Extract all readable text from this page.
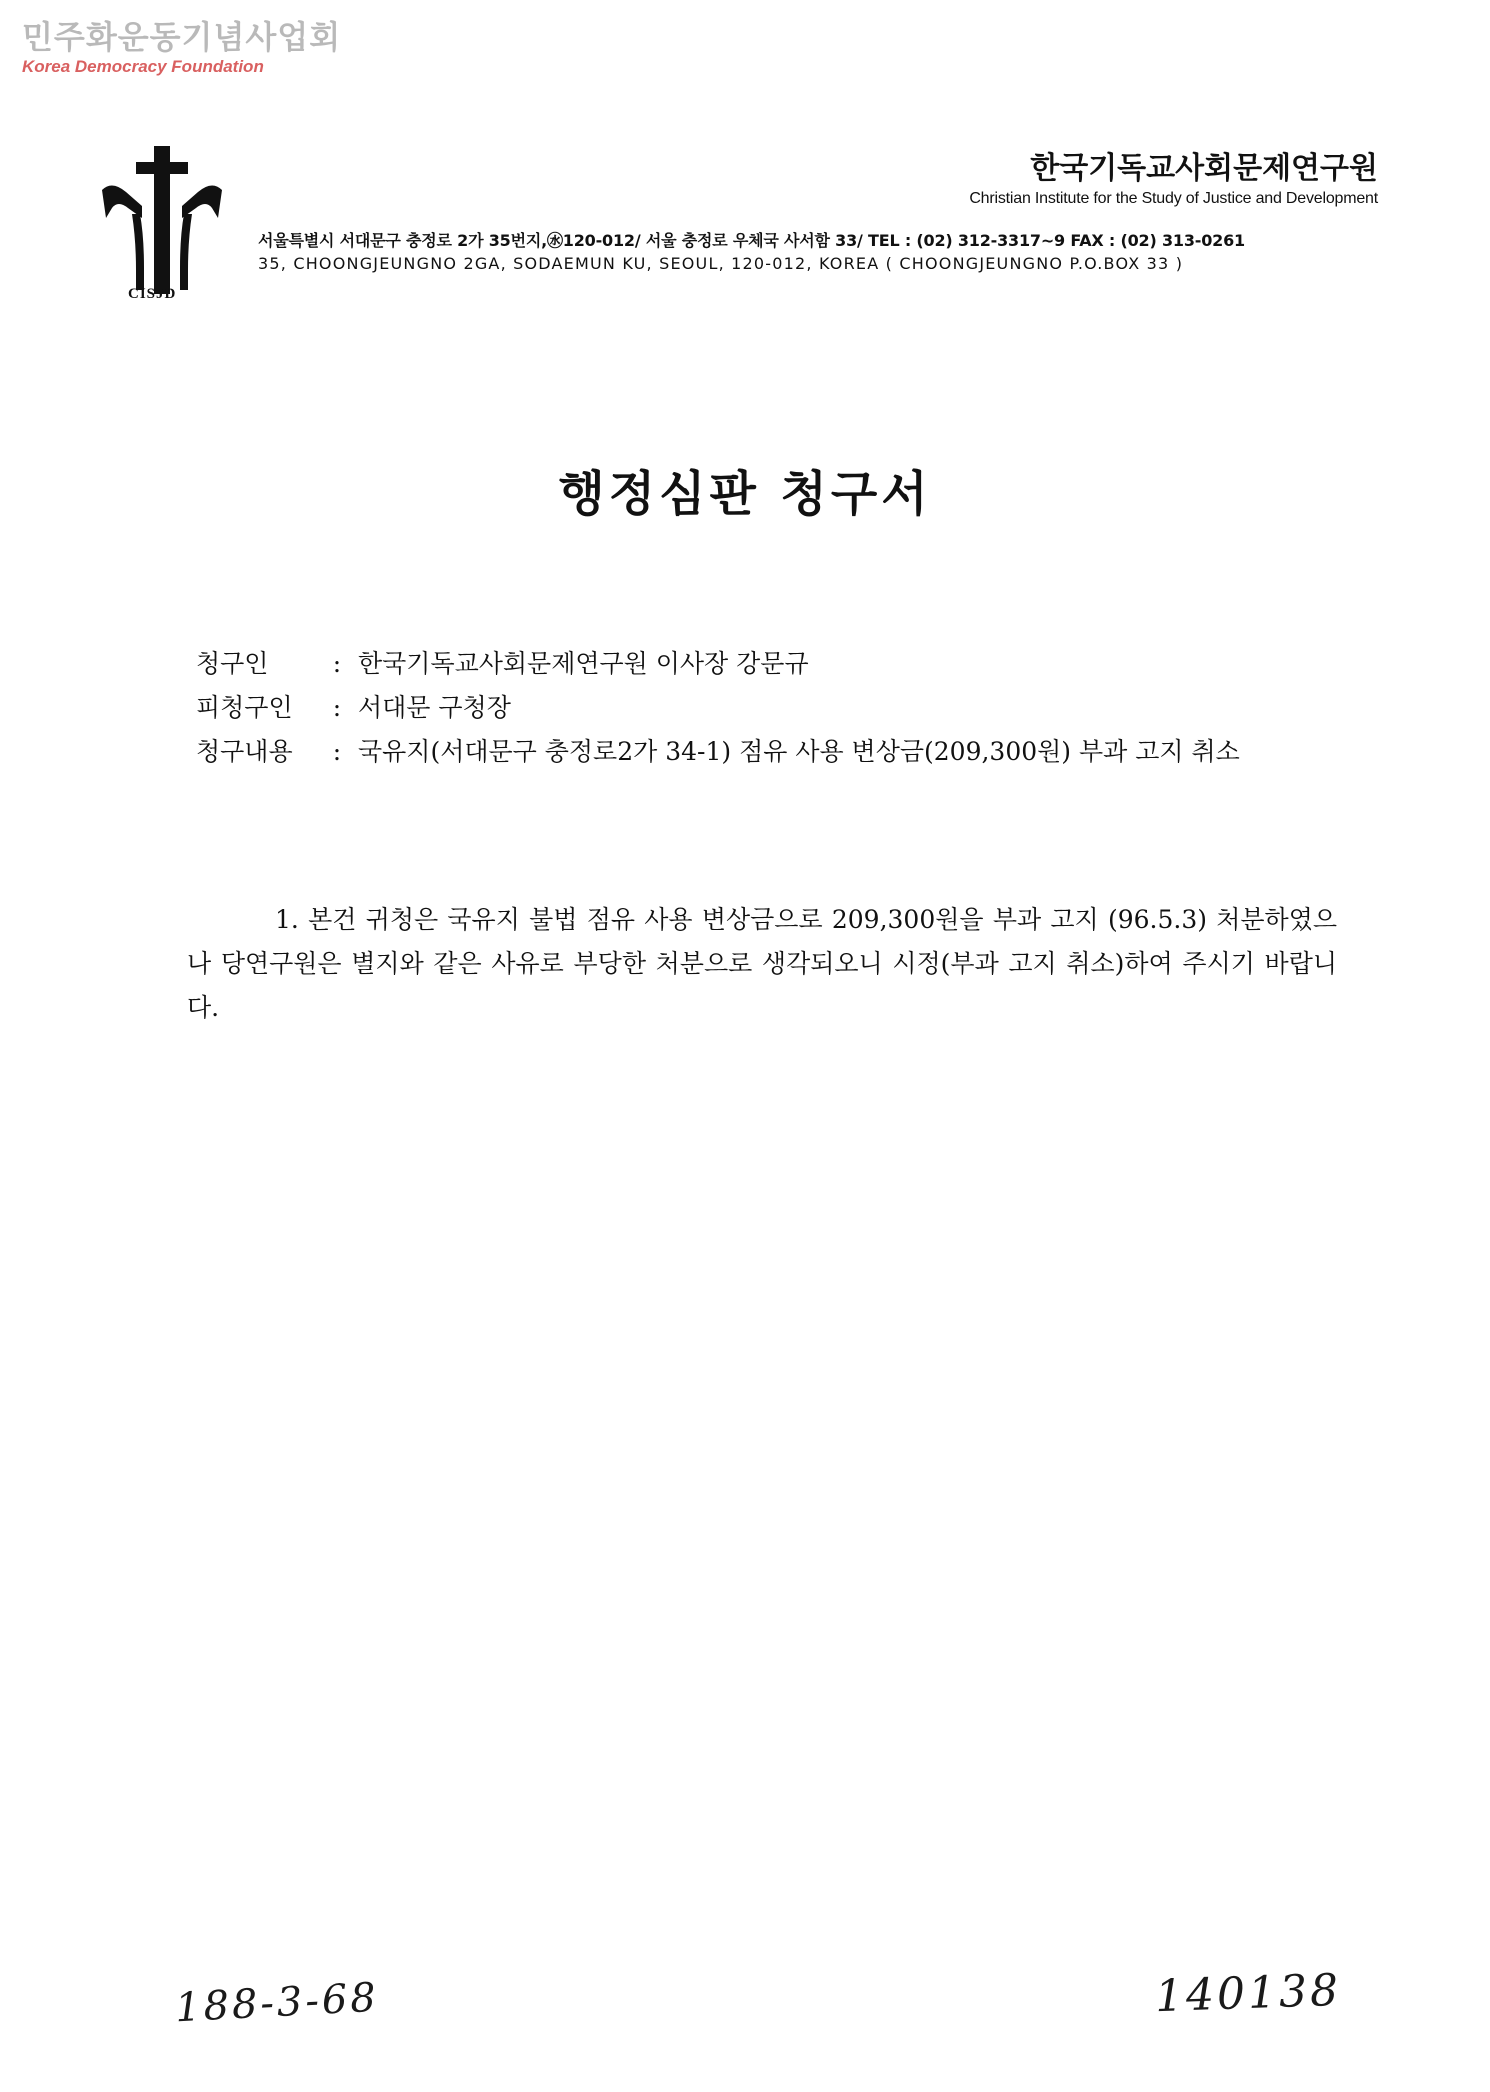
민주화운동기념사업회
Korea Democracy Foundation
CISJD
한국기독교사회문제연구원
Christian Institute for the Study of Justice and Development
서울특별시 서대문구 충정로 2가 35번지,㊌120-012/ 서울 충정로 우체국 사서함 33/ TEL : (02) 312-3317~9 FAX : (02) 313-0261
35, CHOONGJEUNGNO 2GA, SODAEMUN KU, SEOUL, 120-012, KOREA ( CHOONGJEUNGNO P.O.BOX 33 )
행정심판 청구서
청구인	: 한국기독교사회문제연구원 이사장 강문규
피청구인	: 서대문 구청장
청구내용	: 국유지(서대문구 충정로2가 34-1) 점유 사용 변상금(209,300원) 부과 고지 취소
1. 본건 귀청은 국유지 불법 점유 사용 변상금으로 209,300원을 부과 고지 (96.5.3) 처분하였으나 당연구원은 별지와 같은 사유로 부당한 처분으로 생각되오니 시정(부과 고지 취소)하여 주시기 바랍니다.
188-3-68	140138
